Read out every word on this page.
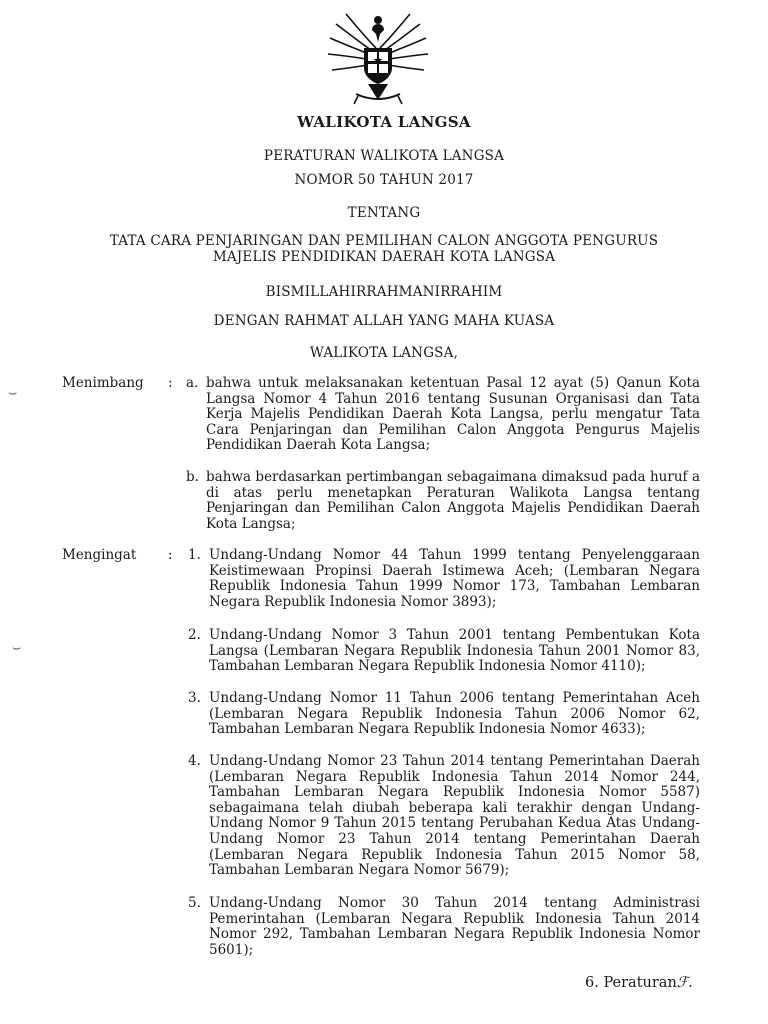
WALIKOTA LANGSA
PERATURAN WALIKOTA LANGSA
NOMOR 50 TAHUN 2017
TENTANG
TATA CARA PENJARINGAN DAN PEMILIHAN CALON ANGGOTA PENGURUS
MAJELIS PENDIDIKAN DAERAH KOTA LANGSA
BISMILLAHIRRAHMANIRRAHIM
DENGAN RAHMAT ALLAH YANG MAHA KUASA
WALIKOTA LANGSA,
Menimbang : a. bahwa untuk melaksanakan ketentuan Pasal 12 ayat (5) Qanun Kota Langsa Nomor 4 Tahun 2016 tentang Susunan Organisasi dan Tata Kerja Majelis Pendidikan Daerah Kota Langsa, perlu mengatur Tata Cara Penjaringan dan Pemilihan Calon Anggota Pengurus Majelis Pendidikan Daerah Kota Langsa;
b. bahwa berdasarkan pertimbangan sebagaimana dimaksud pada huruf a di atas perlu menetapkan Peraturan Walikota Langsa tentang Penjaringan dan Pemilihan Calon Anggota Majelis Pendidikan Daerah Kota Langsa;
Mengingat : 1. Undang-Undang Nomor 44 Tahun 1999 tentang Penyelenggaraan Keistimewaan Propinsi Daerah Istimewa Aceh; (Lembaran Negara Republik Indonesia Tahun 1999 Nomor 173, Tambahan Lembaran Negara Republik Indonesia Nomor 3893);
2. Undang-Undang Nomor 3 Tahun 2001 tentang Pembentukan Kota Langsa (Lembaran Negara Republik Indonesia Tahun 2001 Nomor 83, Tambahan Lembaran Negara Republik Indonesia Nomor 4110);
3. Undang-Undang Nomor 11 Tahun 2006 tentang Pemerintahan Aceh (Lembaran Negara Republik Indonesia Tahun 2006 Nomor 62, Tambahan Lembaran Negara Republik Indonesia Nomor 4633);
4. Undang-Undang Nomor 23 Tahun 2014 tentang Pemerintahan Daerah (Lembaran Negara Republik Indonesia Tahun 2014 Nomor 244, Tambahan Lembaran Negara Republik Indonesia Nomor 5587) sebagaimana telah diubah beberapa kali terakhir dengan Undang-Undang Nomor 9 Tahun 2015 tentang Perubahan Kedua Atas Undang-Undang Nomor 23 Tahun 2014 tentang Pemerintahan Daerah (Lembaran Negara Republik Indonesia Tahun 2015 Nomor 58, Tambahan Lembaran Negara Nomor 5679);
5. Undang-Undang Nomor 30 Tahun 2014 tentang Administrasi Pemerintahan (Lembaran Negara Republik Indonesia Tahun 2014 Nomor 292, Tambahan Lembaran Negara Republik Indonesia Nomor 5601);
6. Peraturanℱ.
⌣
⌣
